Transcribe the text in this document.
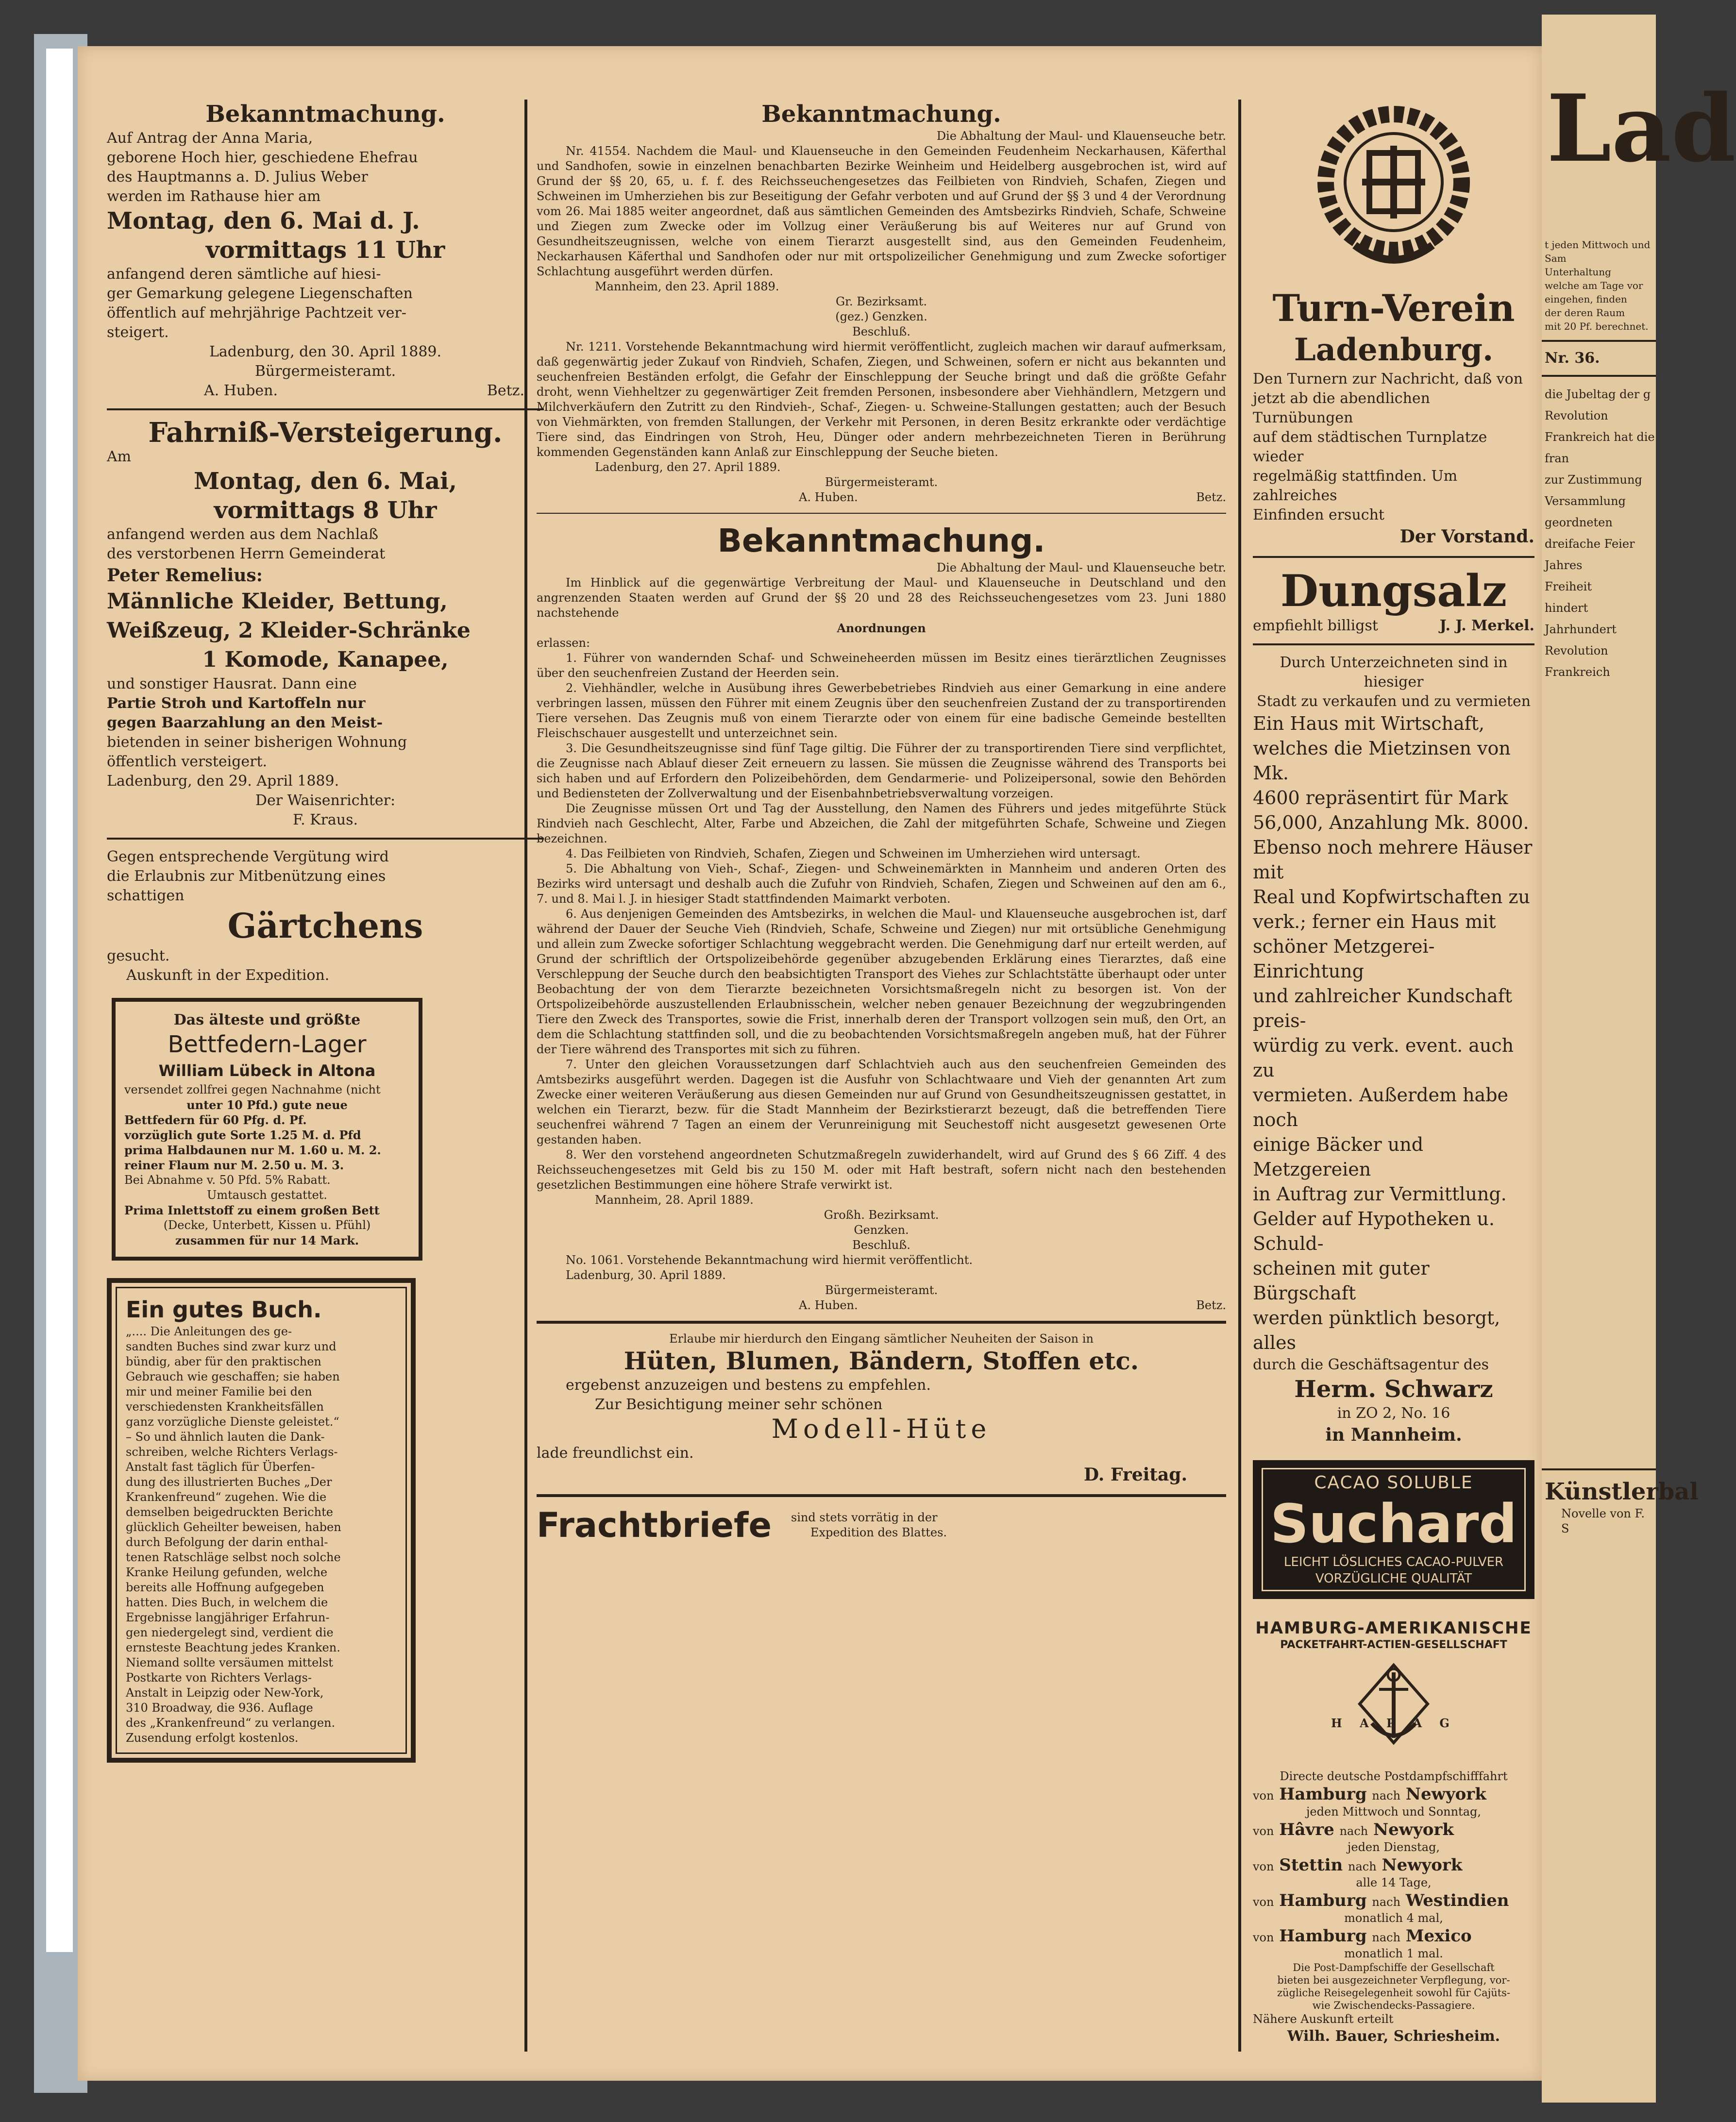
Bekanntmachung.

Auf Antrag der Anna Maria,

geborene Hoch hier, geschiedene Ehefrau

des Hauptmanns a. D. Julius Weber

werden im Rathause hier am

Montag, den 6. Mai d. J.

vormittags 11 Uhr

anfangend deren sämtliche auf hiesi-

ger Gemarkung gelegene Liegenschaften

öffentlich auf mehrjährige Pachtzeit ver-

steigert.

Ladenburg, den 30. April 1889.

Bürgermeisteramt.

A. Huben.	Betz.

Fahrniß-Versteigerung.

Am

Montag, den 6. Mai,

vormittags 8 Uhr

anfangend werden aus dem Nachlaß

des verstorbenen Herrn Gemeinderat

Peter Remelius:

Männliche Kleider, Bettung,

Weißzeug, 2 Kleider-Schränke

1 Komode, Kanapee,

und sonstiger Hausrat. Dann eine

Partie Stroh und Kartoffeln nur

gegen Baarzahlung an den Meist-

bietenden in seiner bisherigen Wohnung

öffentlich versteigert.

Ladenburg, den 29. April 1889.

Der Waisenrichter:

F. Kraus.

Gegen entsprechende Vergütung wird

die Erlaubnis zur Mitbenützung eines

schattigen

Gärtchens

gesucht.

Auskunft in der Expedition.

Das älteste und größte

Bettfedern-Lager

William Lübeck in Altona

versendet zollfrei gegen Nachnahme (nicht

unter 10 Pfd.) gute neue

Bettfedern für 60 Pfg. d. Pf.

vorzüglich gute Sorte 1.25 M. d. Pfd

prima Halbdaunen nur M. 1.60 u. M. 2.

reiner Flaum nur M. 2.50 u. M. 3.

Bei Abnahme v. 50 Pfd. 5% Rabatt.

Umtausch gestattet.

Prima Inlettstoff zu einem großen Bett

(Decke, Unterbett, Kissen u. Pfühl)

zusammen für nur 14 Mark.

Ein gutes Buch.

„.... Die Anleitungen des ge-

sandten Buches sind zwar kurz und

bündig, aber für den praktischen

Gebrauch wie geschaffen; sie haben

mir und meiner Familie bei den

verschiedensten Krankheitsfällen

ganz vorzügliche Dienste geleistet.“

– So und ähnlich lauten die Dank-

schreiben, welche Richters Verlags-

Anstalt fast täglich für Überfen-

dung des illustrierten Buches „Der

Krankenfreund“ zugehen. Wie die

demselben beigedruckten Berichte

glücklich Geheilter beweisen, haben

durch Befolgung der darin enthal-

tenen Ratschläge selbst noch solche

Kranke Heilung gefunden, welche

bereits alle Hoffnung aufgegeben

hatten. Dies Buch, in welchem die

Ergebnisse langjähriger Erfahrun-

gen niedergelegt sind, verdient die

ernsteste Beachtung jedes Kranken.

Niemand sollte versäumen mittelst

Postkarte von Richters Verlags-

Anstalt in Leipzig oder New-York,

310 Broadway, die 936. Auflage

des „Krankenfreund“ zu verlangen.

Zusendung erfolgt kostenlos.

Bekanntmachung.

Die Abhaltung der Maul- und Klauenseuche betr.

Nr. 41554. Nachdem die Maul- und Klauenseuche in den Gemeinden Feudenheim Neckarhausen, Käferthal und Sandhofen, sowie in einzelnen benachbarten Bezirke Weinheim und Heidelberg ausgebrochen ist, wird auf Grund der §§ 20, 65, u. f. f. des Reichsseuchengesetzes das Feilbieten von Rindvieh, Schafen, Ziegen und Schweinen im Umherziehen bis zur Beseitigung der Gefahr verboten und auf Grund der §§ 3 und 4 der Verordnung vom 26. Mai 1885 weiter angeordnet, daß aus sämtlichen Gemeinden des Amtsbezirks Rindvieh, Schafe, Schweine und Ziegen zum Zwecke oder im Vollzug einer Veräußerung bis auf Weiteres nur auf Grund von Gesundheitszeugnissen, welche von einem Tierarzt ausgestellt sind, aus den Gemeinden Feudenheim, Neckarhausen Käferthal und Sandhofen oder nur mit ortspolizeilicher Genehmigung und zum Zwecke sofortiger Schlachtung ausgeführt werden dürfen.

Mannheim, den 23. April 1889.

Gr. Bezirksamt.

(gez.) Genzken.

Beschluß.

Nr. 1211. Vorstehende Bekanntmachung wird hiermit veröffentlicht, zugleich machen wir darauf aufmerksam, daß gegenwärtig jeder Zukauf von Rindvieh, Schafen, Ziegen, und Schweinen, sofern er nicht aus bekannten und seuchenfreien Beständen erfolgt, die Gefahr der Einschleppung der Seuche bringt und daß die größte Gefahr droht, wenn Viehheltzer zu gegenwärtiger Zeit fremden Personen, insbesondere aber Viehhändlern, Metzgern und Milchverkäufern den Zutritt zu den Rindvieh-, Schaf-, Ziegen- u. Schweine-Stallungen gestatten; auch der Besuch von Viehmärkten, von fremden Stallungen, der Verkehr mit Personen, in deren Besitz erkrankte oder verdächtige Tiere sind, das Eindringen von Stroh, Heu, Dünger oder andern mehrbezeichneten Tieren in Berührung kommenden Gegenständen kann Anlaß zur Einschleppung der Seuche bieten.

Ladenburg, den 27. April 1889.

Bürgermeisteramt.

A. Huben.	Betz.

Bekanntmachung.

Die Abhaltung der Maul- und Klauenseuche betr.

Im Hinblick auf die gegenwärtige Verbreitung der Maul- und Klauenseuche in Deutschland und den angrenzenden Staaten werden auf Grund der §§ 20 und 28 des Reichsseuchengesetzes vom 23. Juni 1880 nachstehende

Anordnungen

erlassen:

1. Führer von wandernden Schaf- und Schweineheerden müssen im Besitz eines tierärztlichen Zeugnisses über den seuchenfreien Zustand der Heerden sein.

2. Viehhändler, welche in Ausübung ihres Gewerbebetriebes Rindvieh aus einer Gemarkung in eine andere verbringen lassen, müssen den Führer mit einem Zeugnis über den seuchenfreien Zustand der zu transportirenden Tiere versehen. Das Zeugnis muß von einem Tierarzte oder von einem für eine badische Gemeinde bestellten Fleischschauer ausgestellt und unterzeichnet sein.

3. Die Gesundheitszeugnisse sind fünf Tage giltig. Die Führer der zu transportirenden Tiere sind verpflichtet, die Zeugnisse nach Ablauf dieser Zeit erneuern zu lassen. Sie müssen die Zeugnisse während des Transports bei sich haben und auf Erfordern den Polizeibehörden, dem Gendarmerie- und Polizeipersonal, sowie den Behörden und Bediensteten der Zollverwaltung und der Eisenbahnbetriebsverwaltung vorzeigen.

Die Zeugnisse müssen Ort und Tag der Ausstellung, den Namen des Führers und jedes mitgeführte Stück Rindvieh nach Geschlecht, Alter, Farbe und Abzeichen, die Zahl der mitgeführten Schafe, Schweine und Ziegen bezeichnen.

4. Das Feilbieten von Rindvieh, Schafen, Ziegen und Schweinen im Umherziehen wird untersagt.

5. Die Abhaltung von Vieh-, Schaf-, Ziegen- und Schweinemärkten in Mannheim und anderen Orten des Bezirks wird untersagt und deshalb auch die Zufuhr von Rindvieh, Schafen, Ziegen und Schweinen auf den am 6., 7. und 8. Mai l. J. in hiesiger Stadt stattfindenden Maimarkt verboten.

6. Aus denjenigen Gemeinden des Amtsbezirks, in welchen die Maul- und Klauenseuche ausgebrochen ist, darf während der Dauer der Seuche Vieh (Rindvieh, Schafe, Schweine und Ziegen) nur mit ortsübliche Genehmigung und allein zum Zwecke sofortiger Schlachtung weggebracht werden. Die Genehmigung darf nur erteilt werden, auf Grund der schriftlich der Ortspolizeibehörde gegenüber abzugebenden Erklärung eines Tierarztes, daß eine Verschleppung der Seuche durch den beabsichtigten Transport des Viehes zur Schlachtstätte überhaupt oder unter Beobachtung der von dem Tierarzte bezeichneten Vorsichtsmaßregeln nicht zu besorgen ist. Von der Ortspolizeibehörde auszustellenden Erlaubnisschein, welcher neben genauer Bezeichnung der wegzubringenden Tiere den Zweck des Transportes, sowie die Frist, innerhalb deren der Transport vollzogen sein muß, den Ort, an dem die Schlachtung stattfinden soll, und die zu beobachtenden Vorsichtsmaßregeln angeben muß, hat der Führer der Tiere während des Transportes mit sich zu führen.

7. Unter den gleichen Voraussetzungen darf Schlachtvieh auch aus den seuchenfreien Gemeinden des Amtsbezirks ausgeführt werden. Dagegen ist die Ausfuhr von Schlachtwaare und Vieh der genannten Art zum Zwecke einer weiteren Veräußerung aus diesen Gemeinden nur auf Grund von Gesundheitszeugnissen gestattet, in welchen ein Tierarzt, bezw. für die Stadt Mannheim der Bezirkstierarzt bezeugt, daß die betreffenden Tiere seuchenfrei während 7 Tagen an einem der Verunreinigung mit Seuchestoff nicht ausgesetzt gewesenen Orte gestanden haben.

8. Wer den vorstehend angeordneten Schutzmaßregeln zuwiderhandelt, wird auf Grund des § 66 Ziff. 4 des Reichsseuchengesetzes mit Geld bis zu 150 M. oder mit Haft bestraft, sofern nicht nach den bestehenden gesetzlichen Bestimmungen eine höhere Strafe verwirkt ist.

Mannheim, 28. April 1889.

Großh. Bezirksamt.

Genzken.

Beschluß.

No. 1061. Vorstehende Bekanntmachung wird hiermit veröffentlicht.

Ladenburg, 30. April 1889.

Bürgermeisteramt.

A. Huben.	Betz.

Erlaube mir hierdurch den Eingang sämtlicher Neuheiten der Saison in

Hüten, Blumen, Bändern, Stoffen etc.

ergebenst anzuzeigen und bestens zu empfehlen.

Zur Besichtigung meiner sehr schönen

Modell-Hüte

lade freundlichst ein.

D. Freitag.

Frachtbriefe sind stets vorrätig in der

Expedition des Blattes.

Turn-Verein

Ladenburg.

Den Turnern zur Nachricht, daß von

jetzt ab die abendlichen Turnübungen

auf dem städtischen Turnplatze wieder

regelmäßig stattfinden. Um zahlreiches

Einfinden ersucht

Der Vorstand.

Dungsalz

empfiehlt billigst	J. J. Merkel.

Durch Unterzeichneten sind in hiesiger

Stadt zu verkaufen und zu vermieten

Ein Haus mit Wirtschaft,

welches die Mietzinsen von Mk.

4600 repräsentirt für Mark

56,000, Anzahlung Mk. 8000.

Ebenso noch mehrere Häuser mit

Real und Kopfwirtschaften zu

verk.; ferner ein Haus mit

schöner Metzgerei-Einrichtung

und zahlreicher Kundschaft preis-

würdig zu verk. event. auch zu

vermieten. Außerdem habe noch

einige Bäcker und Metzgereien

in Auftrag zur Vermittlung.

Gelder auf Hypotheken u. Schuld-

scheinen mit guter Bürgschaft

werden pünktlich besorgt, alles

durch die Geschäftsagentur des

Herm. Schwarz

in ZO 2, No. 16

in Mannheim.

CACAO SOLUBLE

Suchard

LEICHT LÖSLICHES CACAO-PULVER

VORZÜGLICHE QUALITÄT

HAMBURG-AMERIKANISCHE

PACKETFAHRT-ACTIEN-GESELLSCHAFT

H A P A G

Directe deutsche Postdampfschifffahrt

von Hamburg nach Newyork

jeden Mittwoch und Sonntag,

von Hâvre nach Newyork

jeden Dienstag,

von Stettin nach Newyork

alle 14 Tage,

von Hamburg nach Westindien

monatlich 4 mal,

von Hamburg nach Mexico

monatlich 1 mal.

Die Post-Dampfschiffe der Gesellschaft

bieten bei ausgezeichneter Verpflegung, vor-

zügliche Reisegelegenheit sowohl für Cajüts-

wie Zwischendecks-Passagiere.

Nähere Auskunft erteilt

Wilh. Bauer, Schriesheim.

Lad

t jeden Mittwoch und Sam

Unterhaltung

welche am Tage vor

eingehen, finden

der deren Raum

mit 20 Pf. berechnet.

Nr. 36.

die Jubeltag der g

Revolution

Frankreich hat die fran

zur Zustimmung

Versammlung

geordneten

dreifache Feier

Jahres

Freiheit

hindert

Jahrhundert

Revolution

Frankreich

Künstlerbal

Novelle von F. S
